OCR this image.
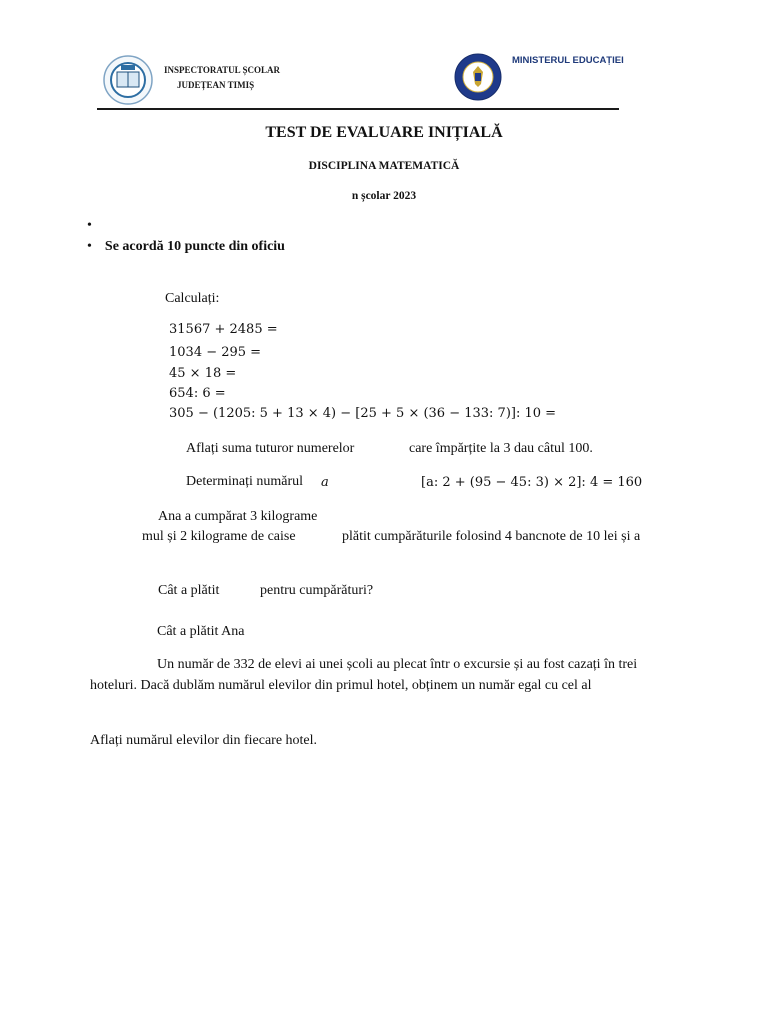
INSPECTORATUL ȘCOLAR
JUDEȚEAN TIMIȘ
MINISTERUL EDUCAȚIEI
TEST DE EVALUARE INIȚIALĂ
DISCIPLINA MATEMATICĂ
n școlar 2023
•
• Se acordă 10 puncte din oficiu
Calculați:
31567 + 2485 =
1034 − 295 =
45 × 18 =
654: 6 =
305 − (1205: 5 + 13 × 4) − [25 + 5 × (36 − 133: 7)]: 10 =
Aflați suma tuturor numerelor	care împărțite la 3 dau câtul 100.
Determinați numărul a	[a: 2 + (95 − 45: 3) × 2]: 4 = 160
Ana a cumpărat 3 kilograme
mul și 2 kilograme de caise	plătit cumpărăturile folosind 4 bancnote de 10 lei și a
Cât a plătit	pentru cumpărături?
Cât a plătit Ana
Un număr de 332 de elevi ai unei școli au plecat într o excursie și au fost cazați în trei
hoteluri. Dacă dublăm numărul elevilor din primul hotel, obținem un număr egal cu cel al
Aflați numărul elevilor din fiecare hotel.
